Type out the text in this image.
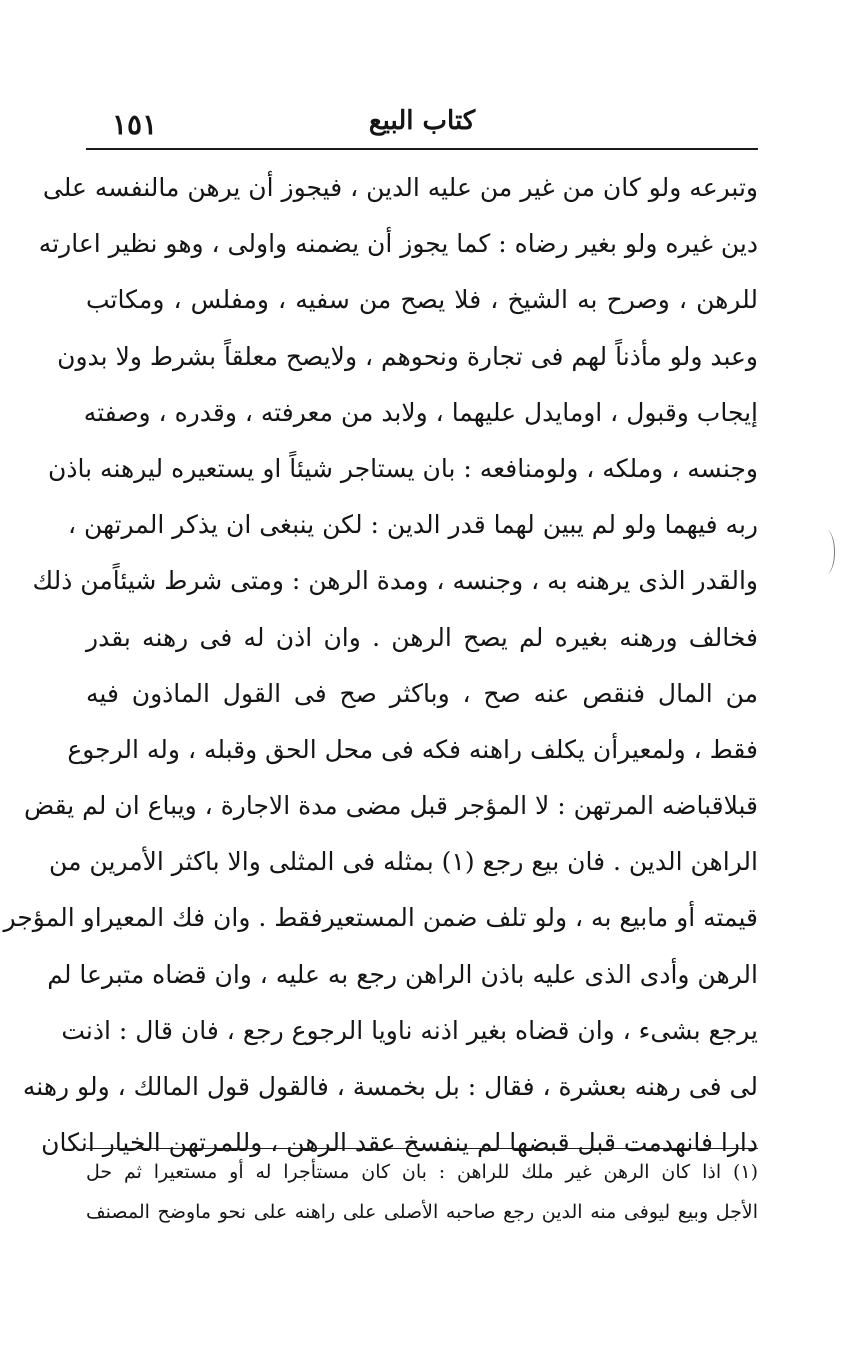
١٥١	كتاب البيع
وتبرعه ولو كان من غير من عليه الدين ، فيجوز أن يرهن مالنفسه على
دين غيره ولو بغير رضاه : كما يجوز أن يضمنه واولى ، وهو نظير اعارته
للرهن ، وصرح به الشيخ ، فلا يصح من سفيه ، ومفلس ، ومكاتب
وعبد ولو مأذناً لهم فى تجارة ونحوهم ، ولايصح معلقاً بشرط ولا بدون
إيجاب وقبول ، اومايدل عليهما ، ولابد من معرفته ، وقدره ، وصفته
وجنسه ، وملكه ، ولومنافعه : بان يستاجر شيئاً او يستعيره ليرهنه باذن
ربه فيهما ولو لم يبين لهما قدر الدين : لكن ينبغى ان يذكر المرتهن ،
والقدر الذى يرهنه به ، وجنسه ، ومدة الرهن : ومتى شرط شيئاًمن ذلك
فخالف ورهنه بغيره لم يصح الرهن . وان اذن له فى رهنه بقدر
من المال فنقص عنه صح ، وباكثر صح فى القول الماذون فيه
فقط ، ولمعيرأن يكلف راهنه فكه فى محل الحق وقبله ، وله الرجوع
قبلاقباضه المرتهن : لا المؤجر قبل مضى مدة الاجارة ، ويباع ان لم يقض
الراهن الدين . فان بيع رجع (١) بمثله فى المثلى والا باكثر الأمرين من
قيمته أو مابيع به ، ولو تلف ضمن المستعيرفقط . وان فك المعيراو المؤجر
الرهن وأدى الذى عليه باذن الراهن رجع به عليه ، وان قضاه متبرعا لم
يرجع بشىء ، وان قضاه بغير اذنه ناويا الرجوع رجع ، فان قال : اذنت
لى فى رهنه بعشرة ، فقال : بل بخمسة ، فالقول قول المالك ، ولو رهنه
دارا فانهدمت قبل قبضها لم ينفسخ عقد الرهن ، وللمرتهن الخيار انكان
(١) اذا كان الرهن غير ملك للراهن : بان كان مستأجرا له أو مستعيرا ثم حل
الأجل وبيع ليوفى منه الدين رجع صاحبه الأصلى على راهنه على نحو ماوضح المصنف
